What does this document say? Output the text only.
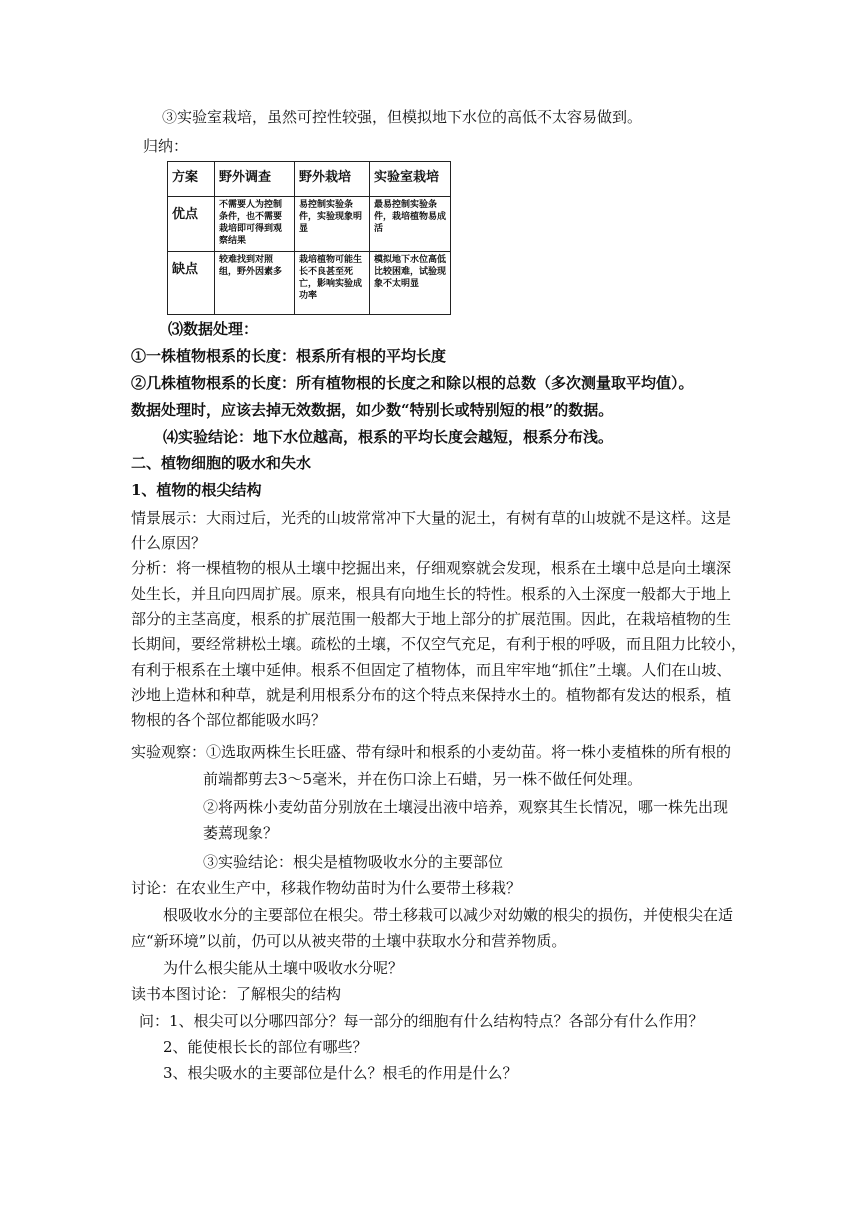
③实验室栽培，虽然可控性较强，但模拟地下水位的高低不太容易做到。
归纳：
方案	野外调查	野外栽培	实验室栽培
优点	不需要人为控制条件，也不需要栽培即可得到观察结果	易控制实验条件，实验现象明显	最易控制实验条件，栽培植物易成活
缺点	较难找到对照组，野外因素多	栽培植物可能生长不良甚至死亡，影响实验成功率	模拟地下水位高低比较困难，试验现象不太明显
⑶数据处理：
①一株植物根系的长度：根系所有根的平均长度
②几株植物根系的长度：所有植物根的长度之和除以根的总数（多次测量取平均值）。
数据处理时，应该去掉无效数据，如少数“特别长或特别短的根”的数据。
⑷实验结论：地下水位越高，根系的平均长度会越短，根系分布浅。
二、植物细胞的吸水和失水
1、植物的根尖结构
情景展示：大雨过后，光秃的山坡常常冲下大量的泥土，有树有草的山坡就不是这样。这是
什么原因？
分析：将一棵植物的根从土壤中挖掘出来，仔细观察就会发现，根系在土壤中总是向土壤深
处生长，并且向四周扩展。原来，根具有向地生长的特性。根系的入土深度一般都大于地上
部分的主茎高度，根系的扩展范围一般都大于地上部分的扩展范围。因此，在栽培植物的生
长期间，要经常耕松土壤。疏松的土壤，不仅空气充足，有利于根的呼吸，而且阻力比较小，
有利于根系在土壤中延伸。根系不但固定了植物体，而且牢牢地“抓住”土壤。人们在山坡、
沙地上造林和种草，就是利用根系分布的这个特点来保持水土的。植物都有发达的根系，植
物根的各个部位都能吸水吗？
实验观察：①选取两株生长旺盛、带有绿叶和根系的小麦幼苗。将一株小麦植株的所有根的
前端都剪去3～5毫米，并在伤口涂上石蜡，另一株不做任何处理。
②将两株小麦幼苗分别放在土壤浸出液中培养，观察其生长情况，哪一株先出现
萎蔫现象？
③实验结论：根尖是植物吸收水分的主要部位
讨论：在农业生产中，移栽作物幼苗时为什么要带土移栽？
根吸收水分的主要部位在根尖。带土移栽可以减少对幼嫩的根尖的损伤，并使根尖在适
应“新环境”以前，仍可以从被夹带的土壤中获取水分和营养物质。
为什么根尖能从土壤中吸收水分呢？
读书本图讨论：了解根尖的结构
问：1、根尖可以分哪四部分？每一部分的细胞有什么结构特点？各部分有什么作用？
2、能使根长长的部位有哪些？
3、根尖吸水的主要部位是什么？根毛的作用是什么？
